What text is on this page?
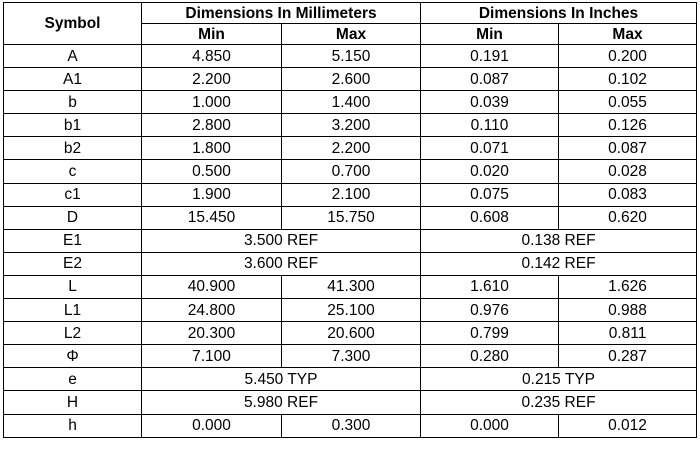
Symbol	Dimensions In Millimeters		Dimensions In Inches	
	Min	Max	Min	Max
A	4.850	5.150	0.191	0.200
A1	2.200	2.600	0.087	0.102
b	1.000	1.400	0.039	0.055
b1	2.800	3.200	0.110	0.126
b2	1.800	2.200	0.071	0.087
c	0.500	0.700	0.020	0.028
c1	1.900	2.100	0.075	0.083
D	15.450	15.750	0.608	0.620
E1	3.500 REF		0.138 REF	
E2	3.600 REF		0.142 REF	
L	40.900	41.300	1.610	1.626
L1	24.800	25.100	0.976	0.988
L2	20.300	20.600	0.799	0.811
Φ	7.100	7.300	0.280	0.287
e	5.450 TYP		0.215 TYP	
H	5.980 REF		0.235 REF	
h	0.000	0.300	0.000	0.012
